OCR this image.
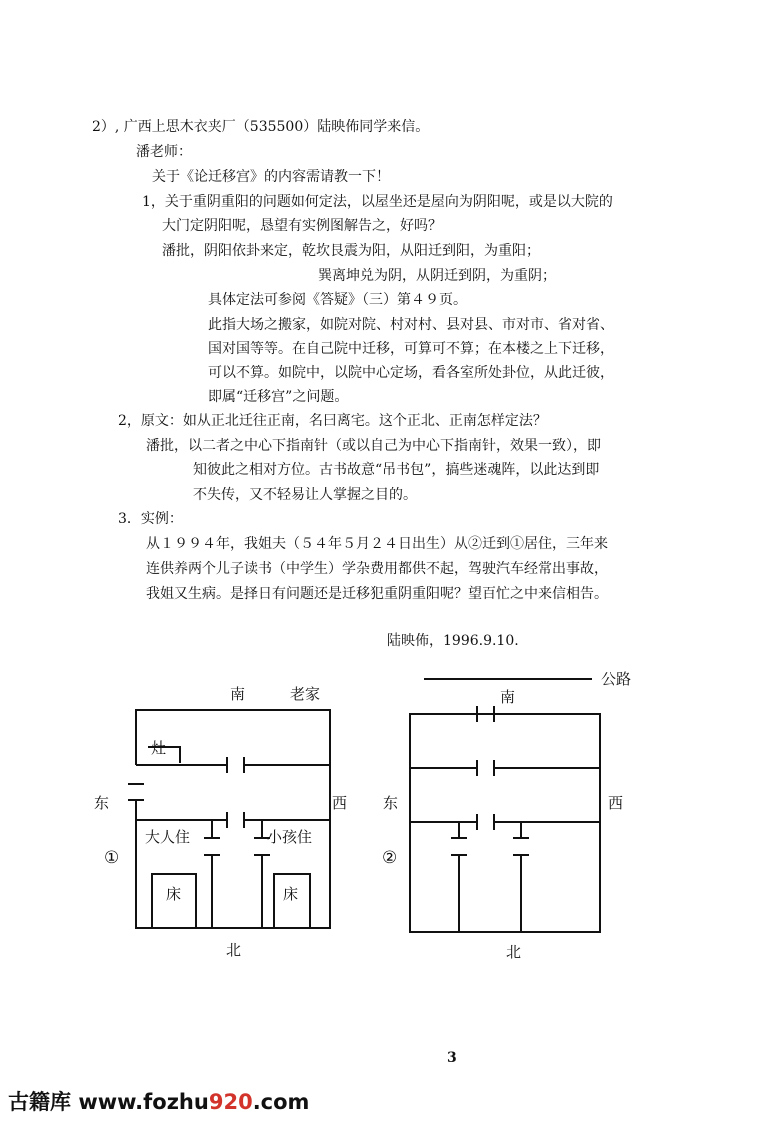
2）, 广西上思木衣夹厂（535500）陆映佈同学来信。
潘老师：
关于《论迁移宫》的内容需请教一下！
1，关于重阴重阳的问题如何定法，以屋坐还是屋向为阴阳呢，或是以大院的
大门定阴阳呢，恳望有实例图解告之，好吗？
潘批，阴阳依卦来定，乾坎艮震为阳，从阳迁到阳，为重阳；
巽离坤兑为阴，从阴迁到阴，为重阴；
具体定法可参阅《答疑》（三）第４９页。
此指大场之搬家，如院对院、村对村、县对县、市对市、省对省、
国对国等等。在自己院中迁移，可算可不算；在本楼之上下迁移，
可以不算。如院中，以院中心定场，看各室所处卦位，从此迁彼，
即属“迁移宫”之问题。
2，原文：如从正北迁往正南，名曰离宅。这个正北、正南怎样定法？
潘批，以二者之中心下指南针（或以自己为中心下指南针，效果一致），即
知彼此之相对方位。古书故意“吊书包”，搞些迷魂阵，以此达到即
不失传，又不轻易让人掌握之目的。
3．实例：
从１９９４年，我姐夫（５４年５月２４日出生）从②迁到①居住，三年来
连供养两个儿子读书（中学生）学杂费用都供不起，驾驶汽车经常出事故，
我姐又生病。是择日有问题还是迁移犯重阴重阳呢？望百忙之中来信相告。
陆映佈，1996.9.10.
南	老家
灶
东	西
①
大人住	小孩住
床	床
北
公路
南
东	西
②
北
3
古籍库 www.fozhu920.com
